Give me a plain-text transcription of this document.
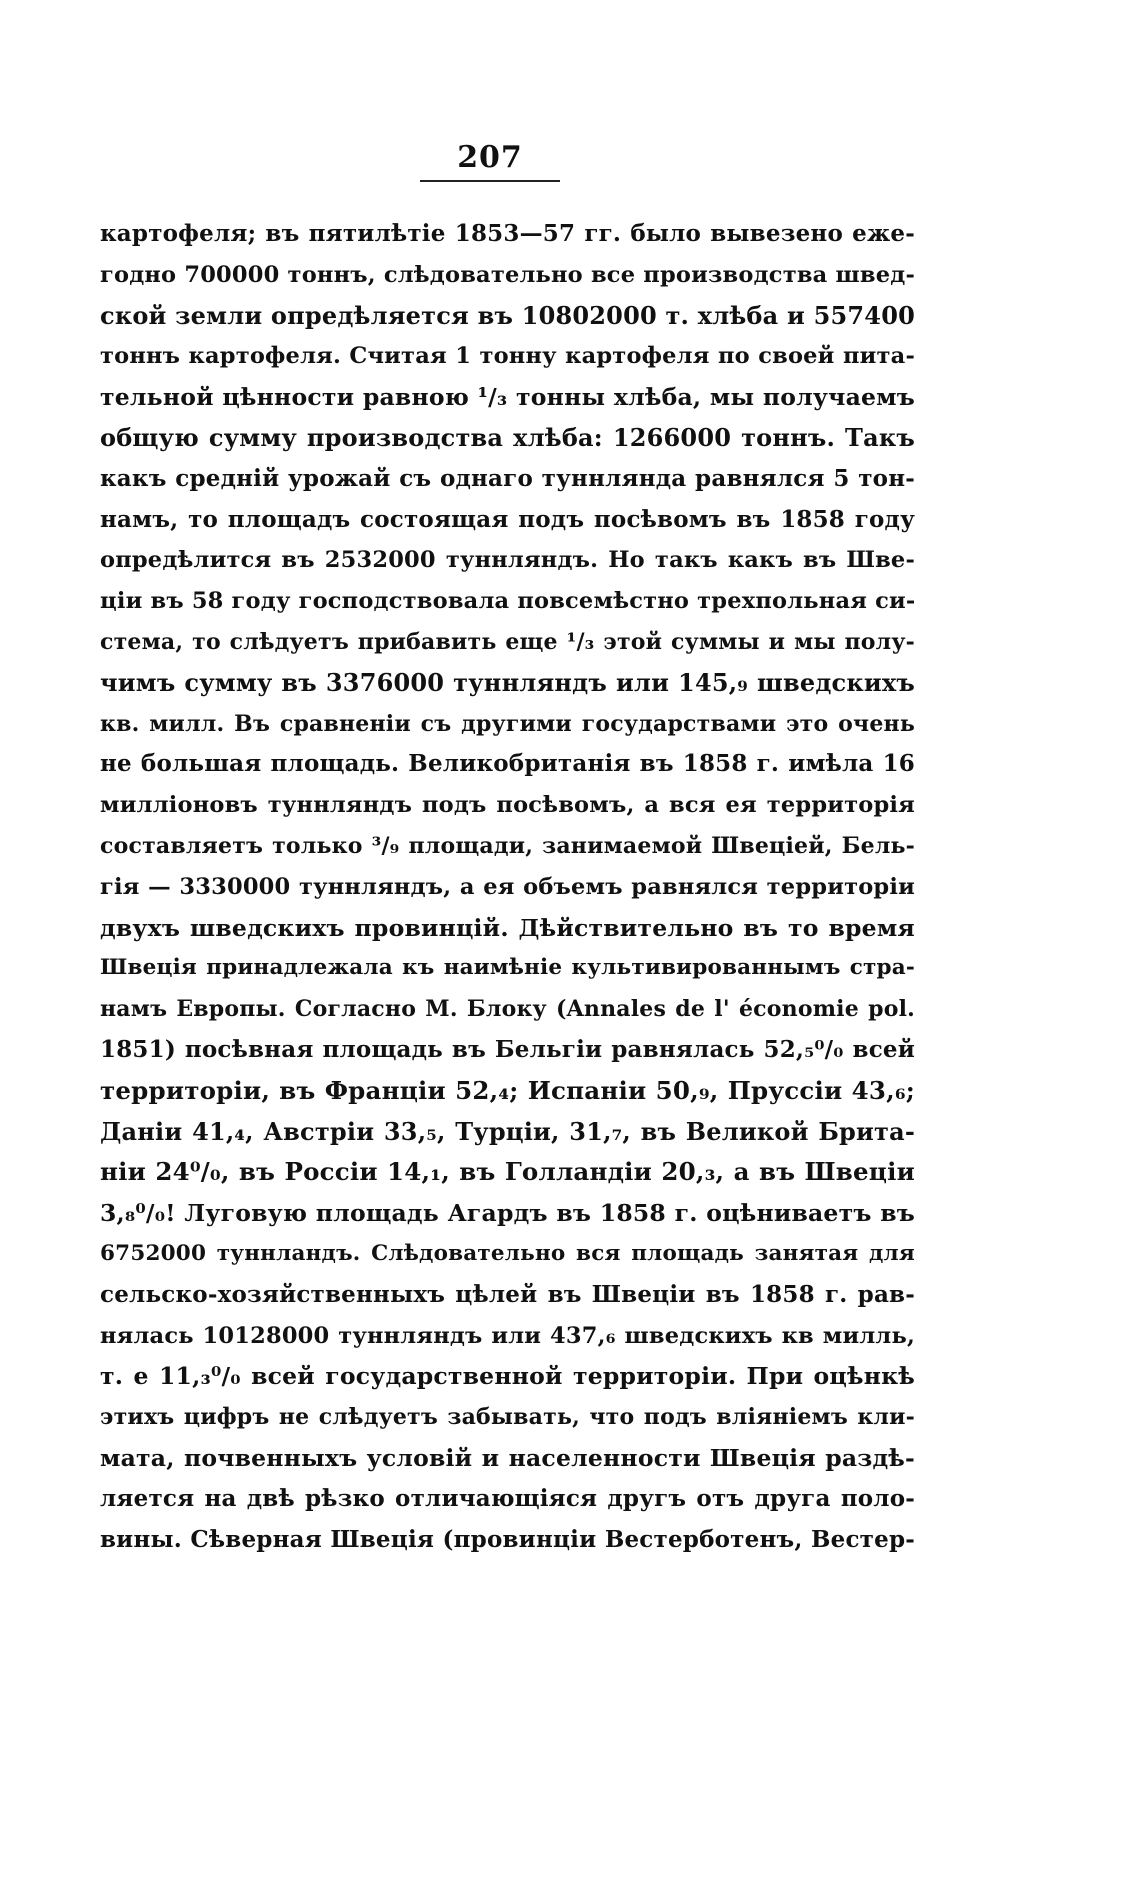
207
картофеля; въ пятилѣтіе 1853—57 гг. было вывезено еже-
годно 700000 тоннъ, слѣдовательно все производства швед-
ской земли опредѣляется въ 10802000 т. хлѣба и 557400
тоннъ картофеля. Считая 1 тонну картофеля по своей пита-
тельной цѣнности равною ¹/₃ тонны хлѣба, мы получаемъ
общую сумму производства хлѣба: 1266000 тоннъ. Такъ
какъ средній урожай съ однаго туннлянда равнялся 5 тон-
намъ, то площадъ состоящая подъ посѣвомъ въ 1858 году
опредѣлится въ 2532000 туннляндъ. Но такъ какъ въ Шве-
ціи въ 58 году господствовала повсемѣстно трехпольная си-
стема, то слѣдуетъ прибавить еще ¹/₃ этой суммы и мы полу-
чимъ сумму въ 3376000 туннляндъ или 145,₉ шведскихъ
кв. милл. Въ сравненіи съ другими государствами это очень
не большая площадь. Великобританія въ 1858 г. имѣла 16
милліоновъ туннляндъ подъ посѣвомъ, а вся ея территорія
составляетъ только ³/₉ площади, занимаемой Швеціей, Бель-
гія — 3330000 туннляндъ, а ея объемъ равнялся территоріи
двухъ шведскихъ провинцій. Дѣйствительно въ то время
Швеція принадлежала къ наимѣніе культивированнымъ стра-
намъ Европы. Согласно М. Блоку (Annales de l' économie pol.
1851) посѣвная площадь въ Бельгіи равнялась 52,₅⁰/₀ всей
территоріи, въ Франціи 52,₄; Испаніи 50,₉, Пруссіи 43,₆;
Даніи 41,₄, Австріи 33,₅, Турціи, 31,₇, въ Великой Брита-
ніи 24⁰/₀, въ Россіи 14,₁, въ Голландіи 20,₃, а въ Швеціи
3,₈⁰/₀! Луговую площадь Агардъ въ 1858 г. оцѣниваетъ въ
6752000 туннландъ. Слѣдовательно вся площадь занятая для
сельско-хозяйственныхъ цѣлей въ Швеціи въ 1858 г. рав-
нялась 10128000 туннляндъ или 437,₆ шведскихъ кв милль,
т. е 11,₃⁰/₀ всей государственной территоріи. При оцѣнкѣ
этихъ цифръ не слѣдуетъ забывать, что подъ вліяніемъ кли-
мата, почвенныхъ условій и населенности Швеція раздѣ-
ляется на двѣ рѣзко отличающіяся другъ отъ друга поло-
вины. Сѣверная Швеція (провинціи Вестерботенъ, Вестер-
